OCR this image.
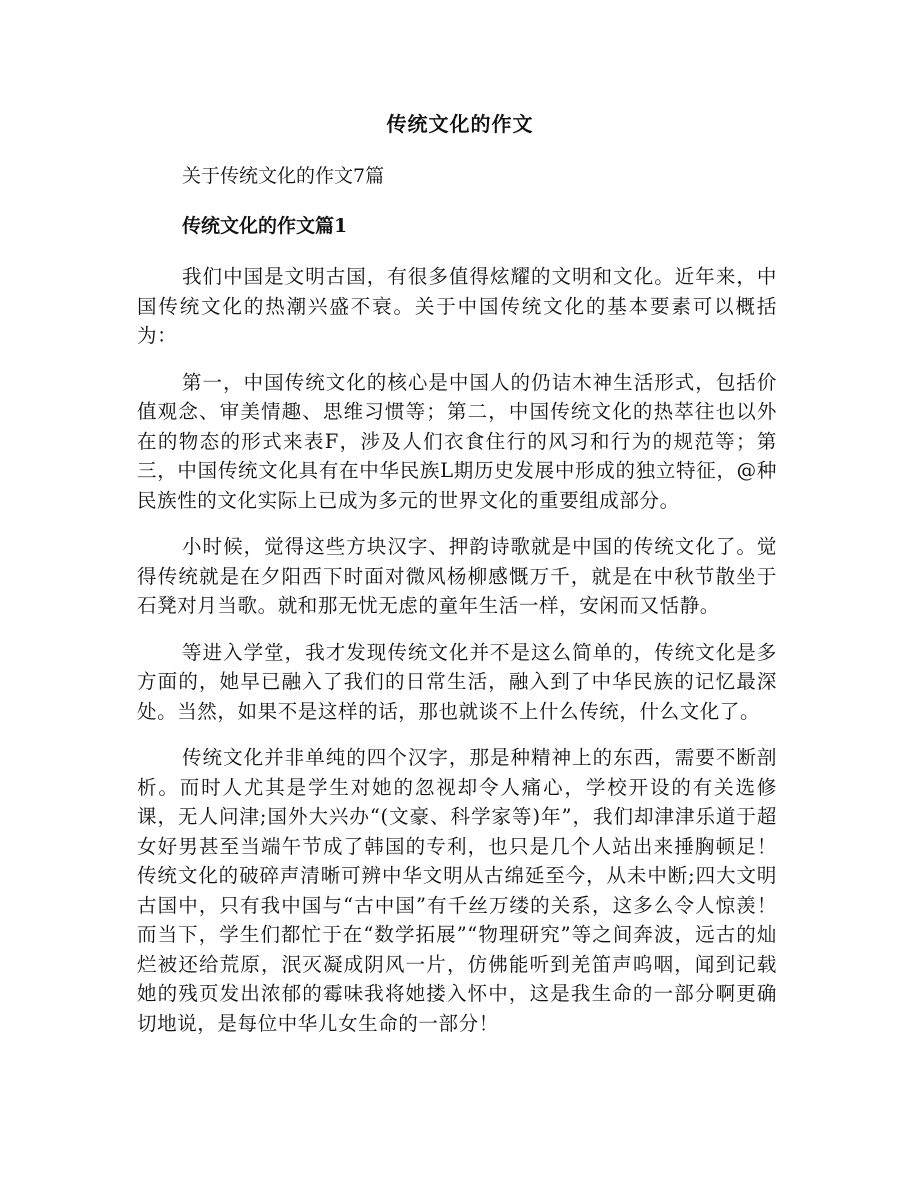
传统文化的作文
关于传统文化的作文7篇
传统文化的作文篇1

我们中国是文明古国，有很多值得炫耀的文明和文化。近年来，中国传统文化的热潮兴盛不衰。关于中国传统文化的基本要素可以概括为：

第一，中国传统文化的核心是中国人的仍诘木神生活形式，包括价值观念、审美情趣、思维习惯等；第二，中国传统文化的热萃往也以外在的物态的形式来表F，涉及人们衣食住行的风习和行为的规范等；第三，中国传统文化具有在中华民族L期历史发展中形成的独立特征，@种民族性的文化实际上已成为多元的世界文化的重要组成部分。

小时候，觉得这些方块汉字、押韵诗歌就是中国的传统文化了。觉得传统就是在夕阳西下时面对微风杨柳感慨万千，就是在中秋节散坐于石凳对月当歌。就和那无忧无虑的童年生活一样，安闲而又恬静。

等进入学堂，我才发现传统文化并不是这么简单的，传统文化是多方面的，她早已融入了我们的日常生活，融入到了中华民族的记忆最深处。当然，如果不是这样的话，那也就谈不上什么传统，什么文化了。

传统文化并非单纯的四个汉字，那是种精神上的东西，需要不断剖析。而时人尤其是学生对她的忽视却令人痛心，学校开设的有关选修课，无人问津;国外大兴办“(文豪、科学家等)年”，我们却津津乐道于超女好男甚至当端午节成了韩国的专利，也只是几个人站出来捶胸顿足！传统文化的破碎声清晰可辨中华文明从古绵延至今，从未中断;四大文明古国中，只有我中国与“古中国”有千丝万缕的关系，这多么令人惊羡！而当下，学生们都忙于在“数学拓展”“物理研究”等之间奔波，远古的灿烂被还给荒原，泯灭凝成阴风一片，仿佛能听到羌笛声呜咽，闻到记载她的残页发出浓郁的霉味我将她搂入怀中，这是我生命的一部分啊更确切地说，是每位中华儿女生命的一部分！
